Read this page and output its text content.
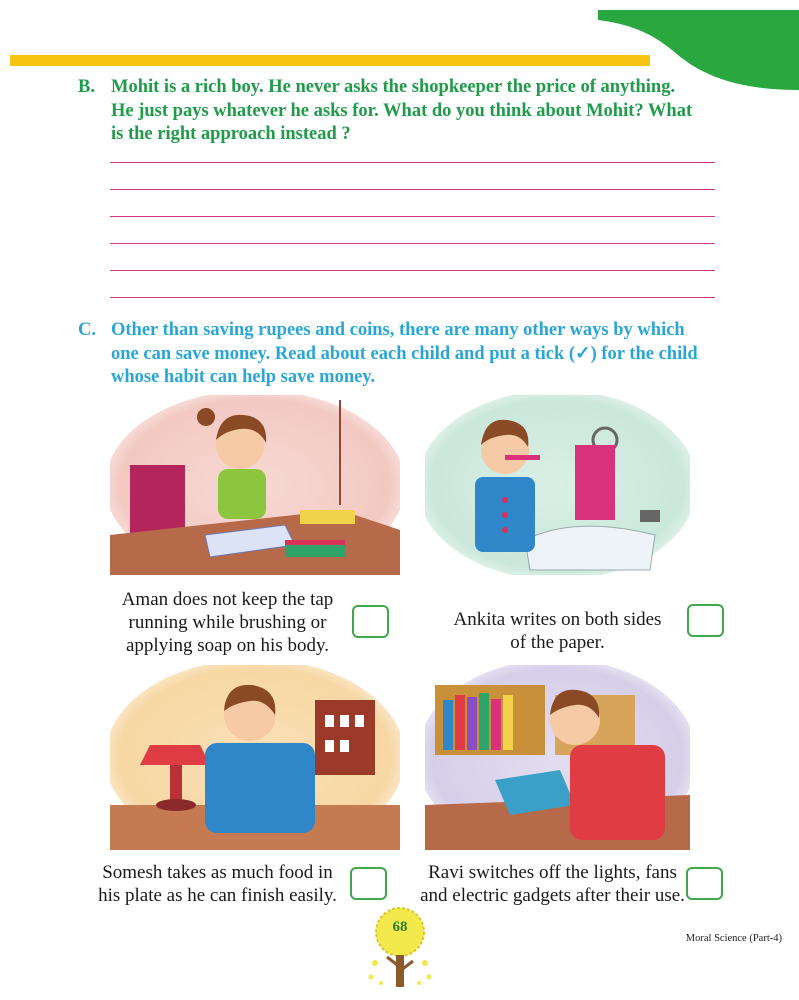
B. Mohit is a rich boy. He never asks the shopkeeper the price of anything.
He just pays whatever he asks for. What do you think about Mohit? What
is the right approach instead ?
C. Other than saving rupees and coins, there are many other ways by which
one can save money. Read about each child and put a tick (✓) for the child
whose habit can help save money.
Aman does not keep the tap
running while brushing or
applying soap on his body.
Ankita writes on both sides
of the paper.
Somesh takes as much food in
his plate as he can finish easily.
Ravi switches off the lights, fans
and electric gadgets after their use.
68
Moral Science (Part-4)
